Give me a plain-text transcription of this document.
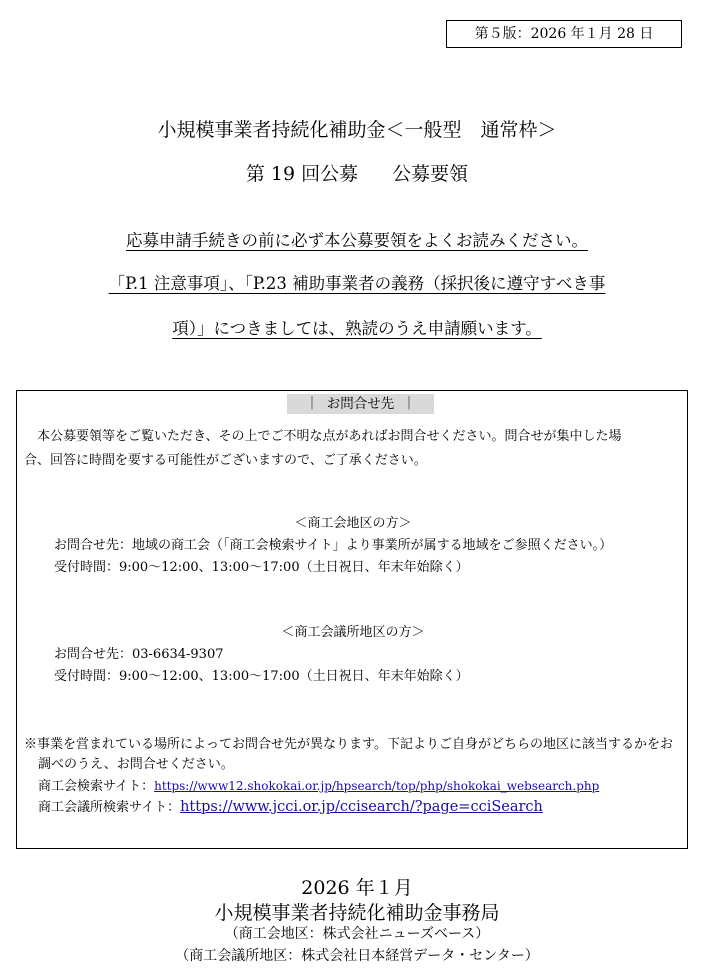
第５版：2026 年１月 28 日
小規模事業者持続化補助金＜一般型　通常枠＞
第 19 回公募 公募要領
応募申請手続きの前に必ず本公募要領をよくお読みください。
「P.1 注意事項」、「P.23 補助事業者の義務（採択後に遵守すべき事
項）」につきましては、熟読のうえ申請願います。
｜ お問合せ先 ｜
　本公募要領等をご覧いただき、その上でご不明な点があればお問合せください。問合せが集中した場
合、回答に時間を要する可能性がございますので、ご了承ください。
＜商工会地区の方＞
お問合せ先：地域の商工会（「商工会検索サイト」より事業所が属する地域をご参照ください。）
受付時間：9:00～12:00、13:00～17:00（土日祝日、年末年始除く）
＜商工会議所地区の方＞
お問合せ先：03-6634-9307
受付時間：9:00～12:00、13:00～17:00（土日祝日、年末年始除く）
※事業を営まれている場所によってお問合せ先が異なります。下記よりご自身がどちらの地区に該当するかをお
調べのうえ、お問合せください。
商工会検索サイト：https://www12.shokokai.or.jp/hpsearch/top/php/shokokai_websearch.php
商工会議所検索サイト：https://www.jcci.or.jp/ccisearch/?page=cciSearch
2026 年１月
小規模事業者持続化補助金事務局
（商工会地区：株式会社ニューズベース）
（商工会議所地区：株式会社日本経営データ・センター）
